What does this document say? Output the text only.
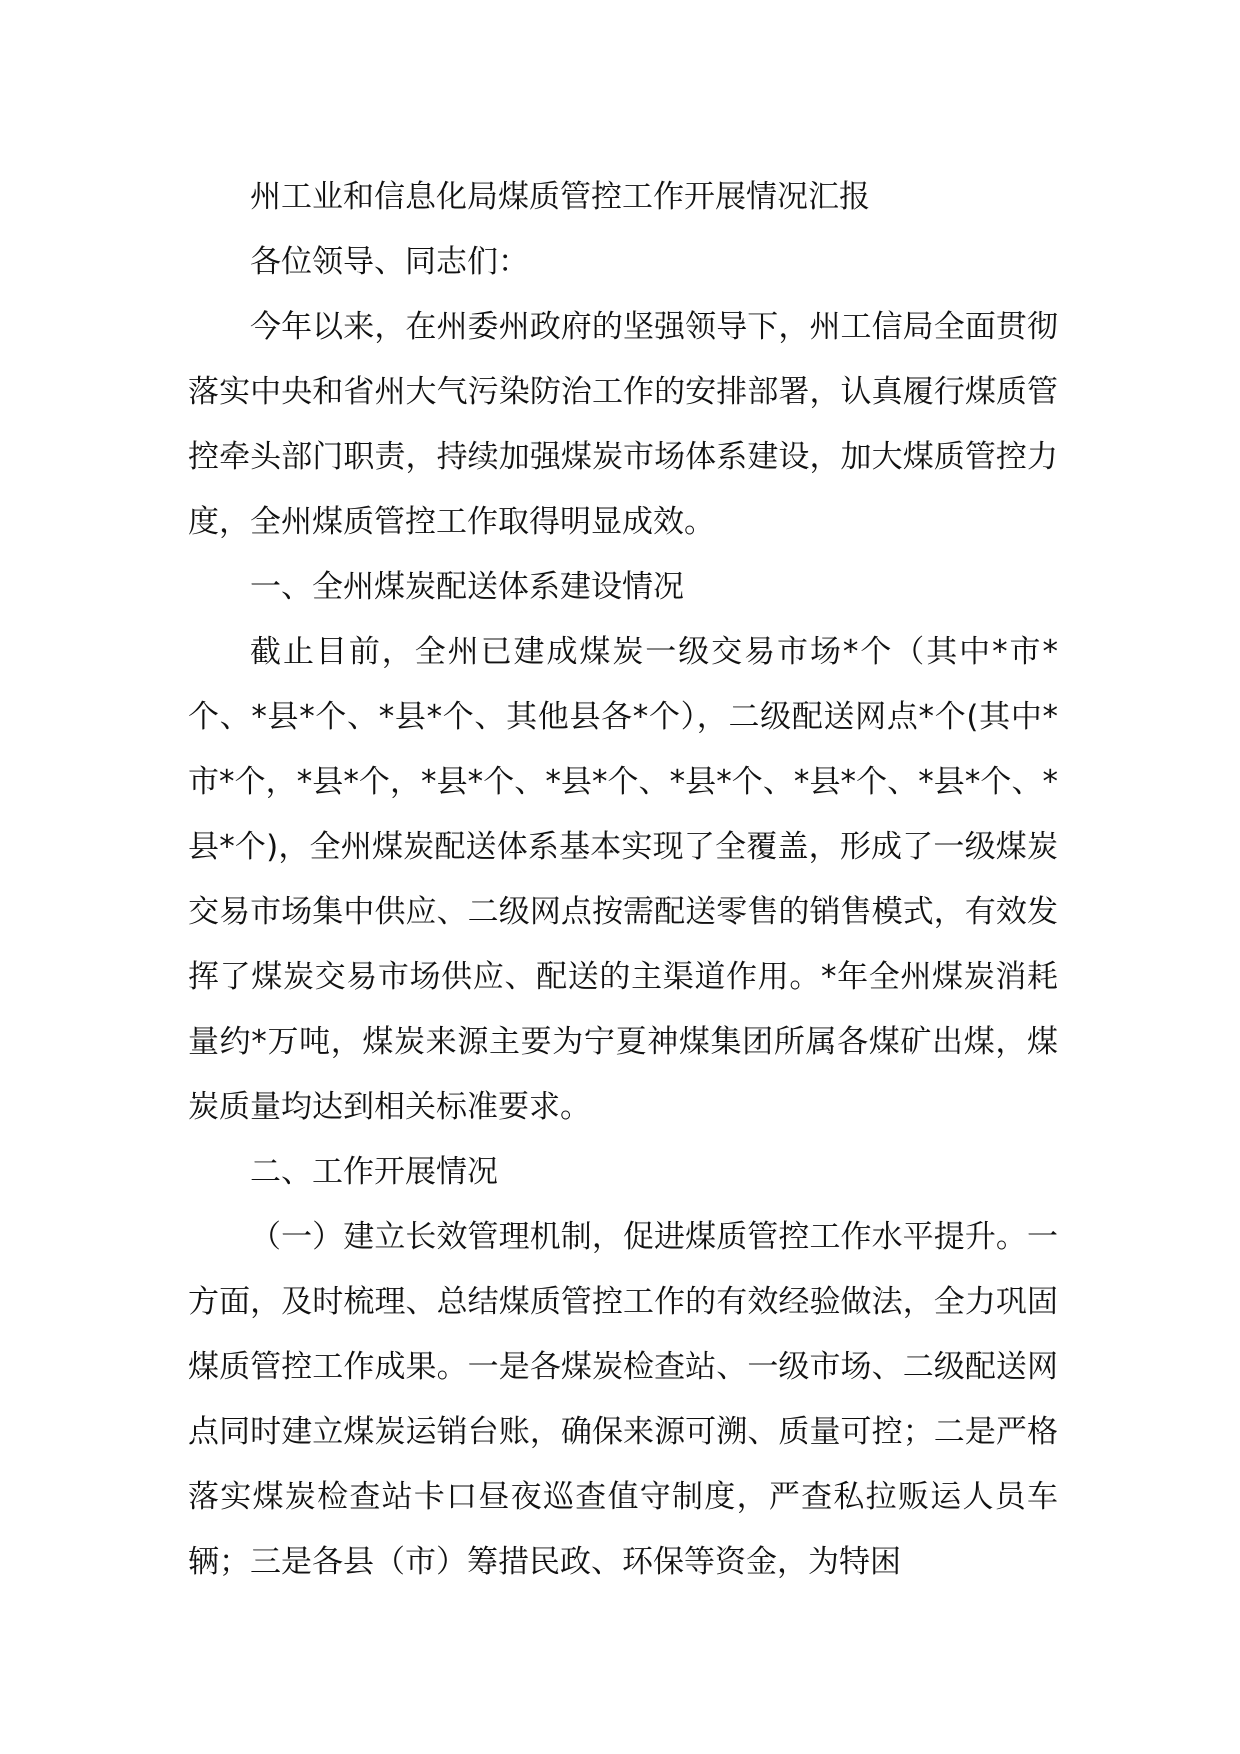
州工业和信息化局煤质管控工作开展情况汇报

各位领导、同志们：

今年以来，在州委州政府的坚强领导下，州工信局全面贯彻落实中央和省州大气污染防治工作的安排部署，认真履行煤质管控牵头部门职责，持续加强煤炭市场体系建设，加大煤质管控力度，全州煤质管控工作取得明显成效。

一、全州煤炭配送体系建设情况

截止目前，全州已建成煤炭一级交易市场*个（其中*市*个、*县*个、*县*个、其他县各*个），二级配送网点*个(其中*市*个，*县*个，*县*个、*县*个、*县*个、*县*个、*县*个、*县*个)，全州煤炭配送体系基本实现了全覆盖，形成了一级煤炭交易市场集中供应、二级网点按需配送零售的销售模式，有效发挥了煤炭交易市场供应、配送的主渠道作用。*年全州煤炭消耗量约*万吨，煤炭来源主要为宁夏神煤集团所属各煤矿出煤，煤炭质量均达到相关标准要求。

二、工作开展情况

（一）建立长效管理机制，促进煤质管控工作水平提升。一方面，及时梳理、总结煤质管控工作的有效经验做法，全力巩固煤质管控工作成果。一是各煤炭检查站、一级市场、二级配送网点同时建立煤炭运销台账，确保来源可溯、质量可控；二是严格落实煤炭检查站卡口昼夜巡查值守制度，严查私拉贩运人员车辆；三是各县（市）筹措民政、环保等资金，为特困
